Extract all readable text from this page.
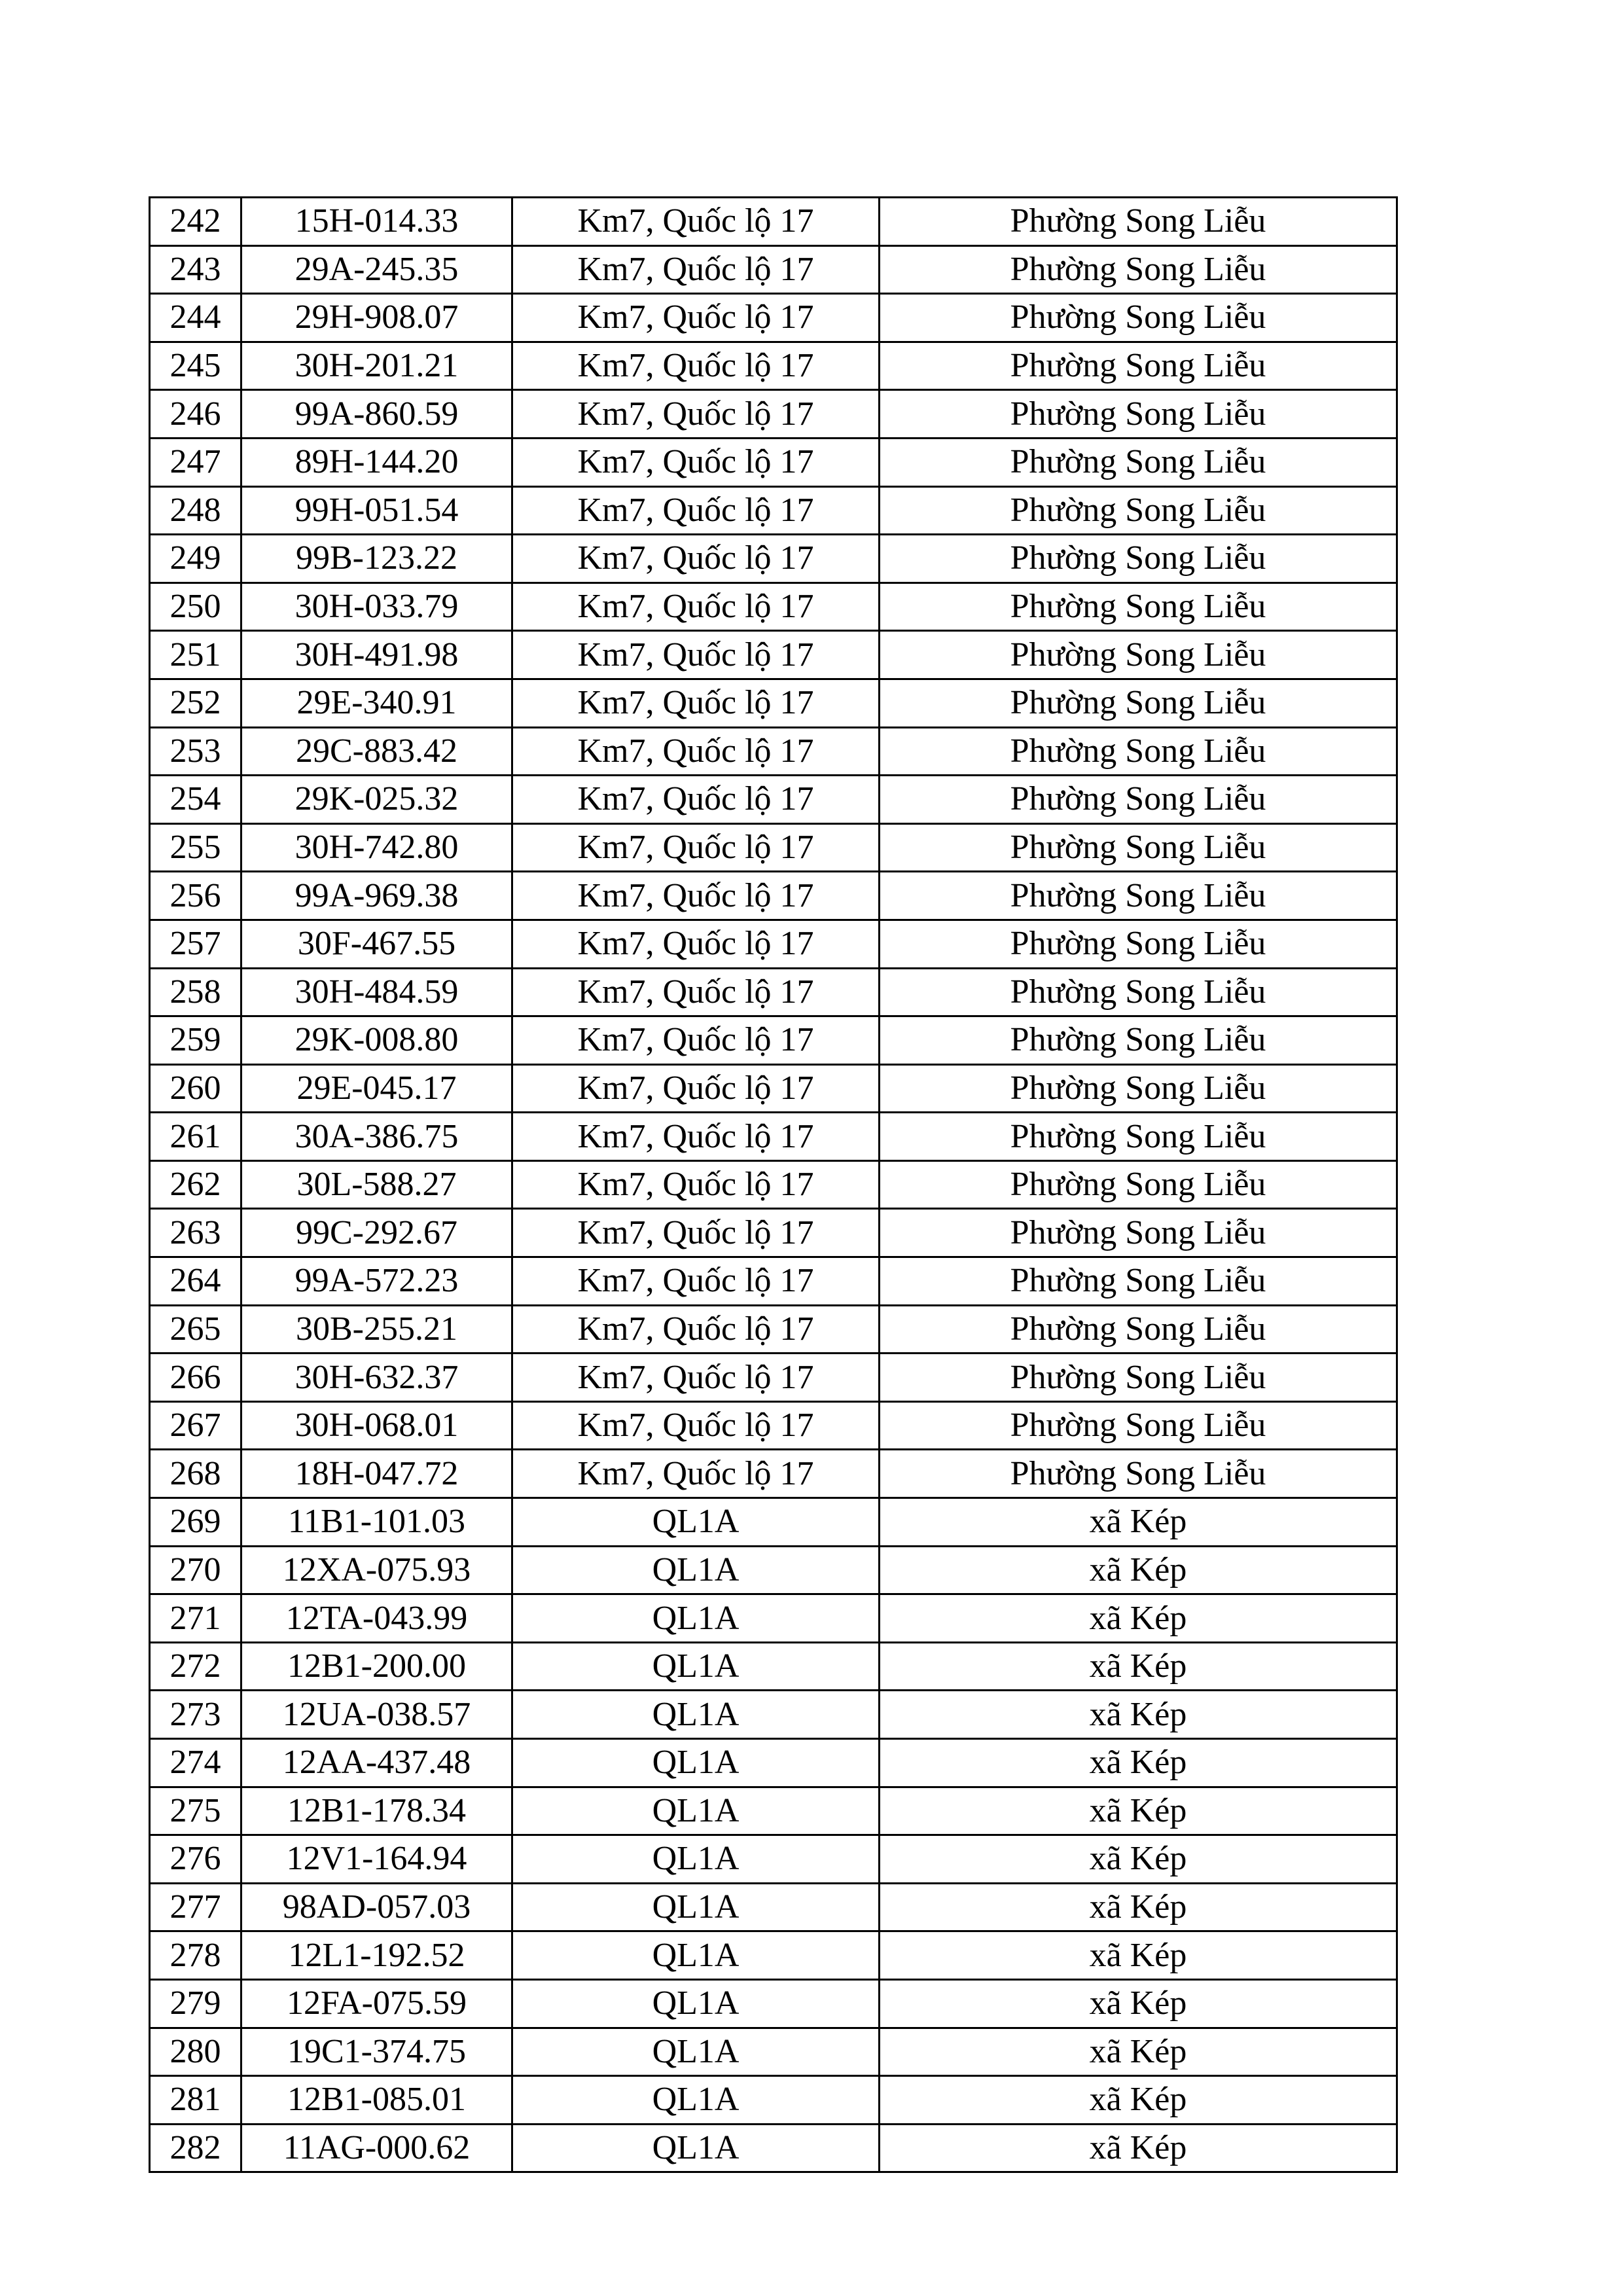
242	15H-014.33	Km7, Quốc lộ 17	Phường Song Liễu
243	29A-245.35	Km7, Quốc lộ 17	Phường Song Liễu
244	29H-908.07	Km7, Quốc lộ 17	Phường Song Liễu
245	30H-201.21	Km7, Quốc lộ 17	Phường Song Liễu
246	99A-860.59	Km7, Quốc lộ 17	Phường Song Liễu
247	89H-144.20	Km7, Quốc lộ 17	Phường Song Liễu
248	99H-051.54	Km7, Quốc lộ 17	Phường Song Liễu
249	99B-123.22	Km7, Quốc lộ 17	Phường Song Liễu
250	30H-033.79	Km7, Quốc lộ 17	Phường Song Liễu
251	30H-491.98	Km7, Quốc lộ 17	Phường Song Liễu
252	29E-340.91	Km7, Quốc lộ 17	Phường Song Liễu
253	29C-883.42	Km7, Quốc lộ 17	Phường Song Liễu
254	29K-025.32	Km7, Quốc lộ 17	Phường Song Liễu
255	30H-742.80	Km7, Quốc lộ 17	Phường Song Liễu
256	99A-969.38	Km7, Quốc lộ 17	Phường Song Liễu
257	30F-467.55	Km7, Quốc lộ 17	Phường Song Liễu
258	30H-484.59	Km7, Quốc lộ 17	Phường Song Liễu
259	29K-008.80	Km7, Quốc lộ 17	Phường Song Liễu
260	29E-045.17	Km7, Quốc lộ 17	Phường Song Liễu
261	30A-386.75	Km7, Quốc lộ 17	Phường Song Liễu
262	30L-588.27	Km7, Quốc lộ 17	Phường Song Liễu
263	99C-292.67	Km7, Quốc lộ 17	Phường Song Liễu
264	99A-572.23	Km7, Quốc lộ 17	Phường Song Liễu
265	30B-255.21	Km7, Quốc lộ 17	Phường Song Liễu
266	30H-632.37	Km7, Quốc lộ 17	Phường Song Liễu
267	30H-068.01	Km7, Quốc lộ 17	Phường Song Liễu
268	18H-047.72	Km7, Quốc lộ 17	Phường Song Liễu
269	11B1-101.03	QL1A	xã Kép
270	12XA-075.93	QL1A	xã Kép
271	12TA-043.99	QL1A	xã Kép
272	12B1-200.00	QL1A	xã Kép
273	12UA-038.57	QL1A	xã Kép
274	12AA-437.48	QL1A	xã Kép
275	12B1-178.34	QL1A	xã Kép
276	12V1-164.94	QL1A	xã Kép
277	98AD-057.03	QL1A	xã Kép
278	12L1-192.52	QL1A	xã Kép
279	12FA-075.59	QL1A	xã Kép
280	19C1-374.75	QL1A	xã Kép
281	12B1-085.01	QL1A	xã Kép
282	11AG-000.62	QL1A	xã Kép
